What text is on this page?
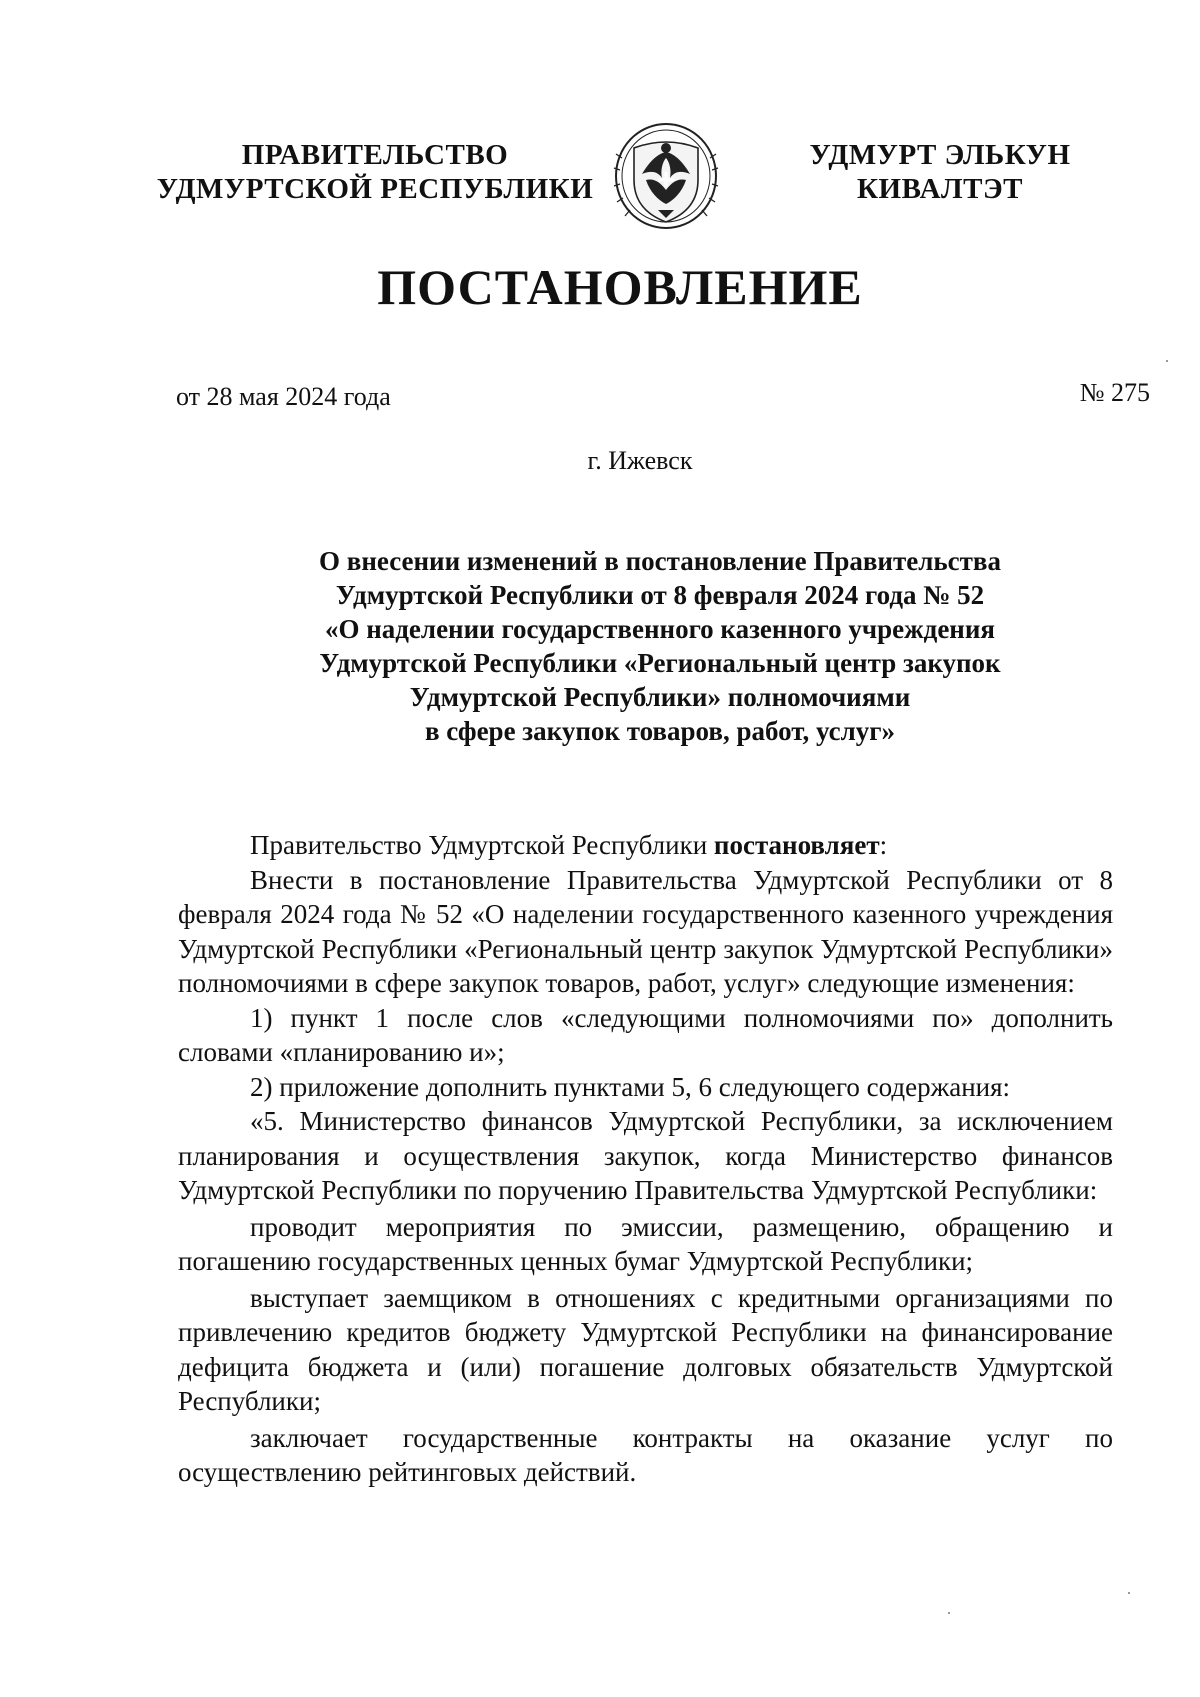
ПРАВИТЕЛЬСТВО
УДМУРТСКОЙ РЕСПУБЛИКИ
УДМУРТ ЭЛЬКУН
КИВАЛТЭТ
ПОСТАНОВЛЕНИЕ
от 28 мая 2024 года	№ 275
г. Ижевск
О внесении изменений в постановление Правительства
Удмуртской Республики от 8 февраля 2024 года № 52
«О наделении государственного казенного учреждения
Удмуртской Республики «Региональный центр закупок
Удмуртской Республики» полномочиями
в сфере закупок товаров, работ, услуг»

Правительство Удмуртской Республики постановляет:

Внести в постановление Правительства Удмуртской Республики от 8 февраля 2024 года № 52 «О наделении государственного казенного учреждения Удмуртской Республики «Региональный центр закупок Удмуртской Республики» полномочиями в сфере закупок товаров, работ, услуг» следующие изменения:

1) пункт 1 после слов «следующими полномочиями по» дополнить словами «планированию и»;

2) приложение дополнить пунктами 5, 6 следующего содержания:

«5. Министерство финансов Удмуртской Республики, за исключением планирования и осуществления закупок, когда Министерство финансов Удмуртской Республики по поручению Правительства Удмуртской Республики:

проводит мероприятия по эмиссии, размещению, обращению и погашению государственных ценных бумаг Удмуртской Республики;

выступает заемщиком в отношениях с кредитными организациями по привлечению кредитов бюджету Удмуртской Республики на финансирование дефицита бюджета и (или) погашение долговых обязательств Удмуртской Республики;

заключает государственные контракты на оказание услуг по осуществлению рейтинговых действий.
